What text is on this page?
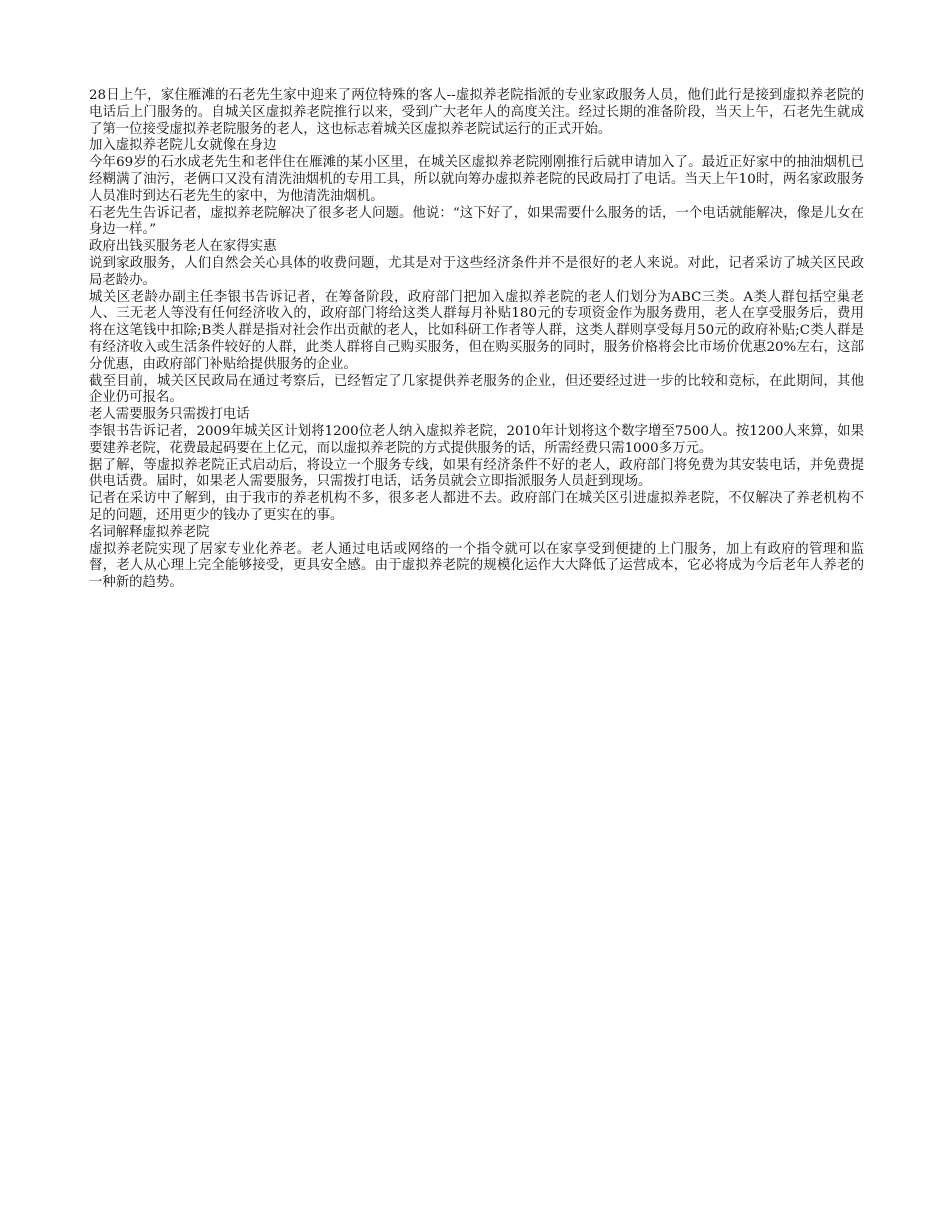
28日上午，家住雁滩的石老先生家中迎来了两位特殊的客人--虚拟养老院指派的专业家政服务人员，他们此行是接到虚拟养老院的电话后上门服务的。自城关区虚拟养老院推行以来，受到广大老年人的高度关注。经过长期的准备阶段，当天上午，石老先生就成了第一位接受虚拟养老院服务的老人，这也标志着城关区虚拟养老院试运行的正式开始。

加入虚拟养老院儿女就像在身边

今年69岁的石水成老先生和老伴住在雁滩的某小区里，在城关区虚拟养老院刚刚推行后就申请加入了。最近正好家中的抽油烟机已经糊满了油污，老俩口又没有清洗油烟机的专用工具，所以就向筹办虚拟养老院的民政局打了电话。当天上午10时，两名家政服务人员准时到达石老先生的家中，为他清洗油烟机。

石老先生告诉记者，虚拟养老院解决了很多老人问题。他说：“这下好了，如果需要什么服务的话，一个电话就能解决，像是儿女在身边一样。”

政府出钱买服务老人在家得实惠

说到家政服务，人们自然会关心具体的收费问题，尤其是对于这些经济条件并不是很好的老人来说。对此，记者采访了城关区民政局老龄办。

城关区老龄办副主任李银书告诉记者，在筹备阶段，政府部门把加入虚拟养老院的老人们划分为ABC三类。A类人群包括空巢老人、三无老人等没有任何经济收入的，政府部门将给这类人群每月补贴180元的专项资金作为服务费用，老人在享受服务后，费用将在这笔钱中扣除;B类人群是指对社会作出贡献的老人，比如科研工作者等人群，这类人群则享受每月50元的政府补贴;C类人群是有经济收入或生活条件较好的人群，此类人群将自己购买服务，但在购买服务的同时，服务价格将会比市场价优惠20%左右，这部分优惠，由政府部门补贴给提供服务的企业。

截至目前，城关区民政局在通过考察后，已经暂定了几家提供养老服务的企业，但还要经过进一步的比较和竞标，在此期间，其他企业仍可报名。

老人需要服务只需拨打电话

李银书告诉记者，2009年城关区计划将1200位老人纳入虚拟养老院，2010年计划将这个数字增至7500人。按1200人来算，如果要建养老院，花费最起码要在上亿元，而以虚拟养老院的方式提供服务的话，所需经费只需1000多万元。

据了解，等虚拟养老院正式启动后，将设立一个服务专线，如果有经济条件不好的老人，政府部门将免费为其安装电话，并免费提供电话费。届时，如果老人需要服务，只需拨打电话，话务员就会立即指派服务人员赶到现场。

记者在采访中了解到，由于我市的养老机构不多，很多老人都进不去。政府部门在城关区引进虚拟养老院，不仅解决了养老机构不足的问题，还用更少的钱办了更实在的事。

名词解释虚拟养老院

虚拟养老院实现了居家专业化养老。老人通过电话或网络的一个指令就可以在家享受到便捷的上门服务，加上有政府的管理和监督，老人从心理上完全能够接受，更具安全感。由于虚拟养老院的规模化运作大大降低了运营成本，它必将成为今后老年人养老的一种新的趋势。
